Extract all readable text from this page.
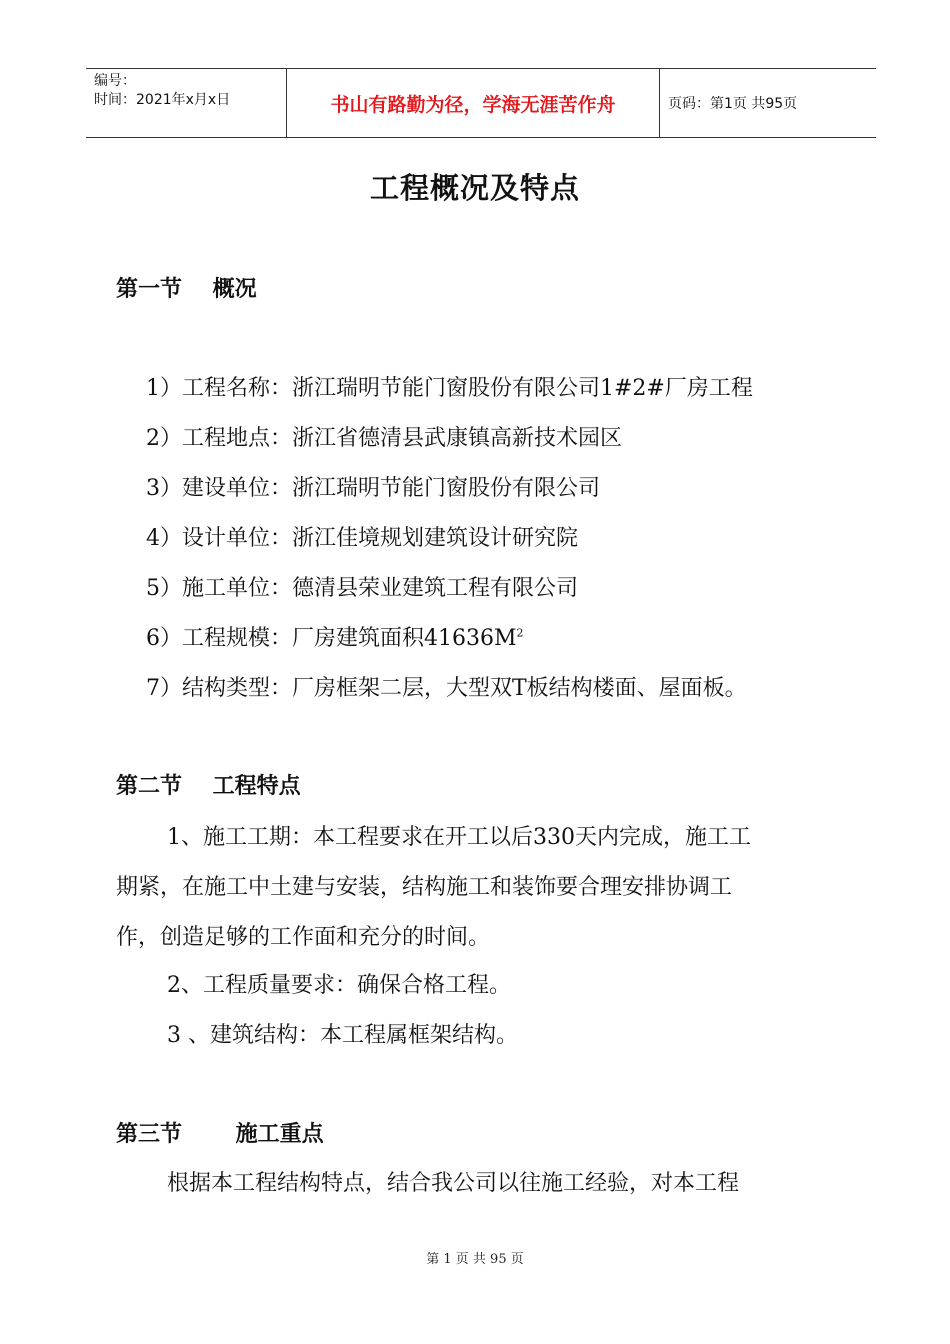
编号：
时间：2021年x月x日	书山有路勤为径，学海无涯苦作舟	页码：第1页 共95页
工程概况及特点
第一节    概况
1）工程名称：浙江瑞明节能门窗股份有限公司1#2#厂房工程
2）工程地点：浙江省德清县武康镇高新技术园区
3）建设单位：浙江瑞明节能门窗股份有限公司
4）设计单位：浙江佳境规划建筑设计研究院
5）施工单位：德清县荣业建筑工程有限公司
6）工程规模：厂房建筑面积$41636M^2$
7）结构类型：厂房框架二层，大型双T板结构楼面、屋面板。
第二节    工程特点
1、施工工期：本工程要求在开工以后330天内完成，施工工
期紧，在施工中土建与安装，结构施工和装饰要合理安排协调工
作，创造足够的工作面和充分的时间。
2、工程质量要求：确保合格工程。
3 、建筑结构：本工程属框架结构。
第三节       施工重点
根据本工程结构特点，结合我公司以往施工经验，对本工程
第 1 页 共 95 页
